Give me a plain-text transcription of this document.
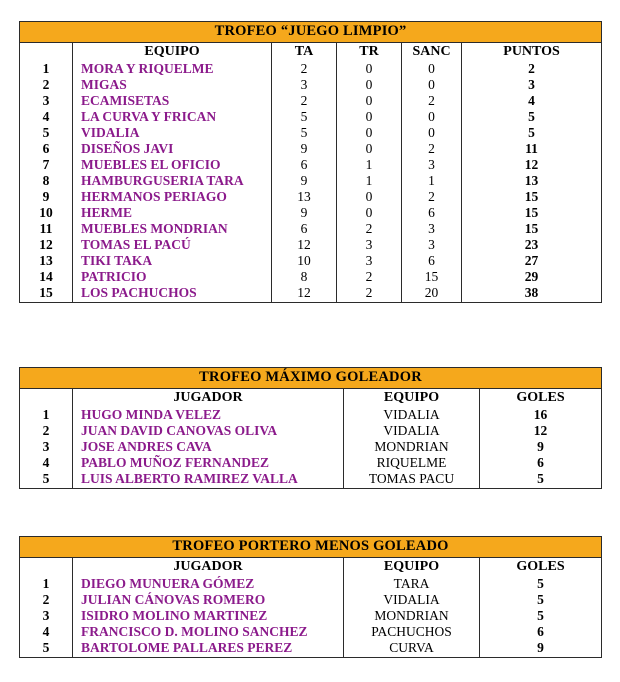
TROFEO “JUEGO LIMPIO”					
	EQUIPO	TA	TR	SANC	PUNTOS
1	MORA Y RIQUELME	2	0	0	2
2	MIGAS	3	0	0	3
3	ECAMISETAS	2	0	2	4
4	LA CURVA Y FRICAN	5	0	0	5
5	VIDALIA	5	0	0	5
6	DISEÑOS JAVI	9	0	2	11
7	MUEBLES EL OFICIO	6	1	3	12
8	HAMBURGUSERIA TARA	9	1	1	13
9	HERMANOS PERIAGO	13	0	2	15
10	HERME	9	0	6	15
11	MUEBLES MONDRIAN	6	2	3	15
12	TOMAS EL PACÚ	12	3	3	23
13	TIKI TAKA	10	3	6	27
14	PATRICIO	8	2	15	29
15	LOS PACHUCHOS	12	2	20	38
TROFEO MÁXIMO GOLEADOR			
	JUGADOR	EQUIPO	GOLES
1	HUGO MINDA VELEZ	VIDALIA	16
2	JUAN DAVID CANOVAS OLIVA	VIDALIA	12
3	JOSE ANDRES CAVA	MONDRIAN	9
4	PABLO MUÑOZ FERNANDEZ	RIQUELME	6
5	LUIS ALBERTO RAMIREZ VALLA	TOMAS PACU	5
TROFEO PORTERO MENOS GOLEADO			
	JUGADOR	EQUIPO	GOLES
1	DIEGO MUNUERA GÓMEZ	TARA	5
2	JULIAN CÁNOVAS ROMERO	VIDALIA	5
3	ISIDRO MOLINO MARTINEZ	MONDRIAN	5
4	FRANCISCO D. MOLINO SANCHEZ	PACHUCHOS	6
5	BARTOLOME PALLARES PEREZ	CURVA	9
